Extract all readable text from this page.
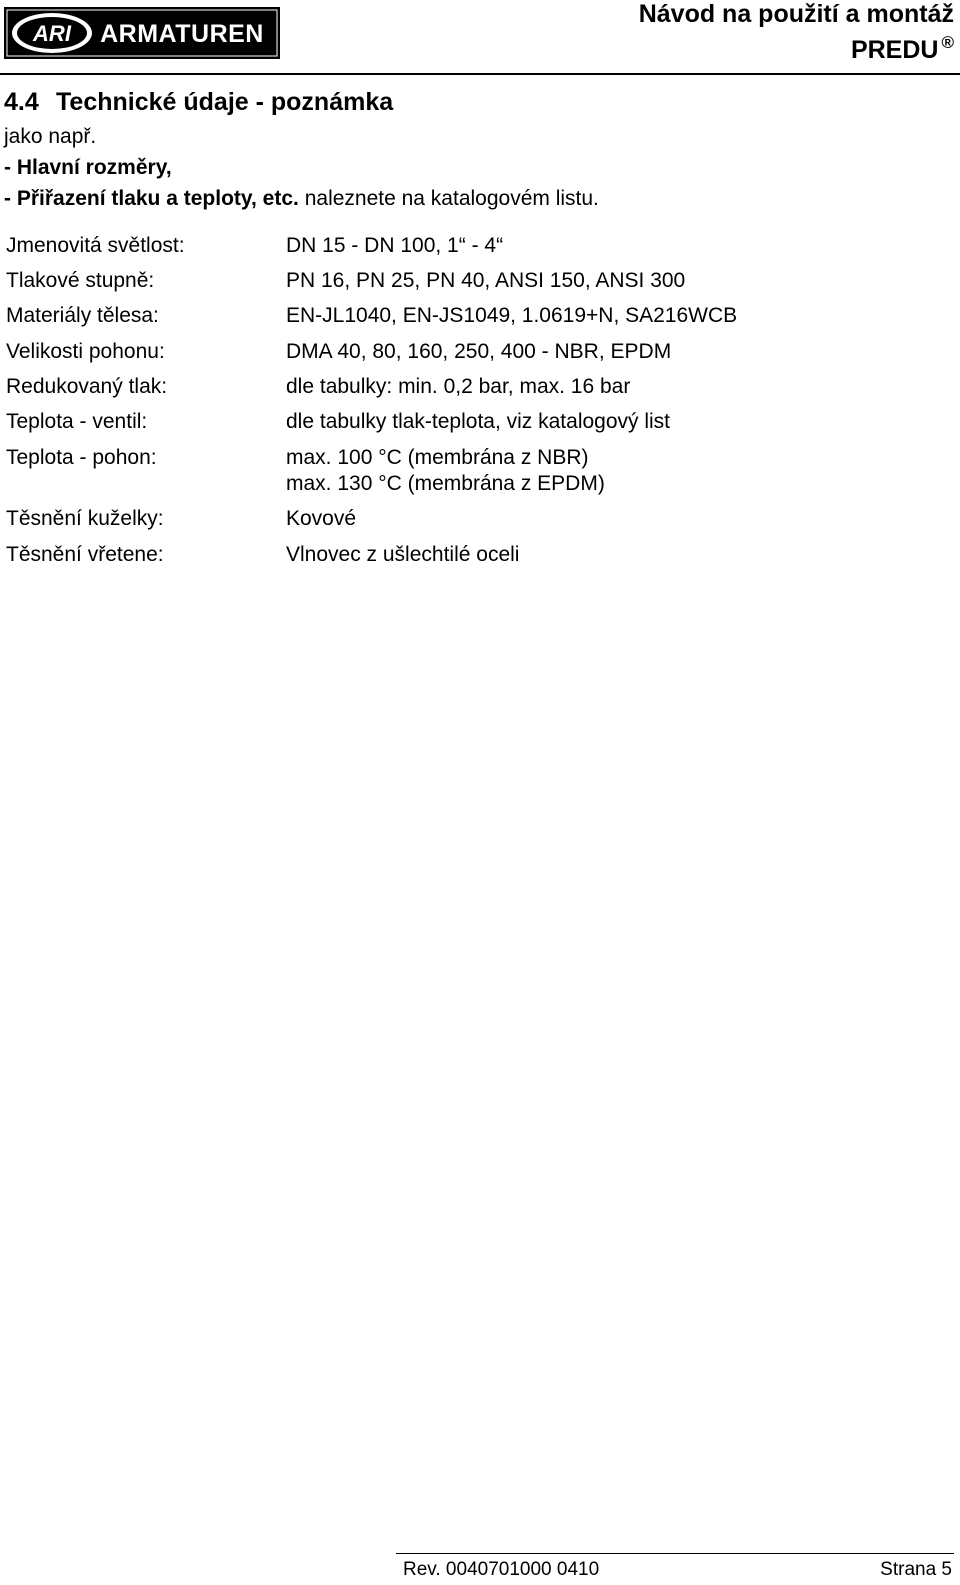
ARI ARMATUREN
Návod na použití a montáž
PREDU ®
4.4 Technické údaje - poznámka
jako např.
- Hlavní rozměry,
- Přiřazení tlaku a teploty, etc. naleznete na katalogovém listu.
Jmenovitá světlost:	DN 15 - DN 100, 1“ - 4“
Tlakové stupně:	PN 16, PN 25, PN 40, ANSI 150, ANSI 300
Materiály tělesa:	EN-JL1040, EN-JS1049, 1.0619+N, SA216WCB
Velikosti pohonu:	DMA 40, 80, 160, 250, 400 - NBR, EPDM
Redukovaný tlak:	dle tabulky: min. 0,2 bar, max. 16 bar
Teplota - ventil:	dle tabulky tlak-teplota, viz katalogový list
Teplota - pohon:	max. 100 °C (membrána z NBR)
max. 130 °C (membrána z EPDM)
Těsnění kuželky:	Kovové
Těsnění vřetene:	Vlnovec z ušlechtilé oceli
Rev. 0040701000 0410	Strana 5
